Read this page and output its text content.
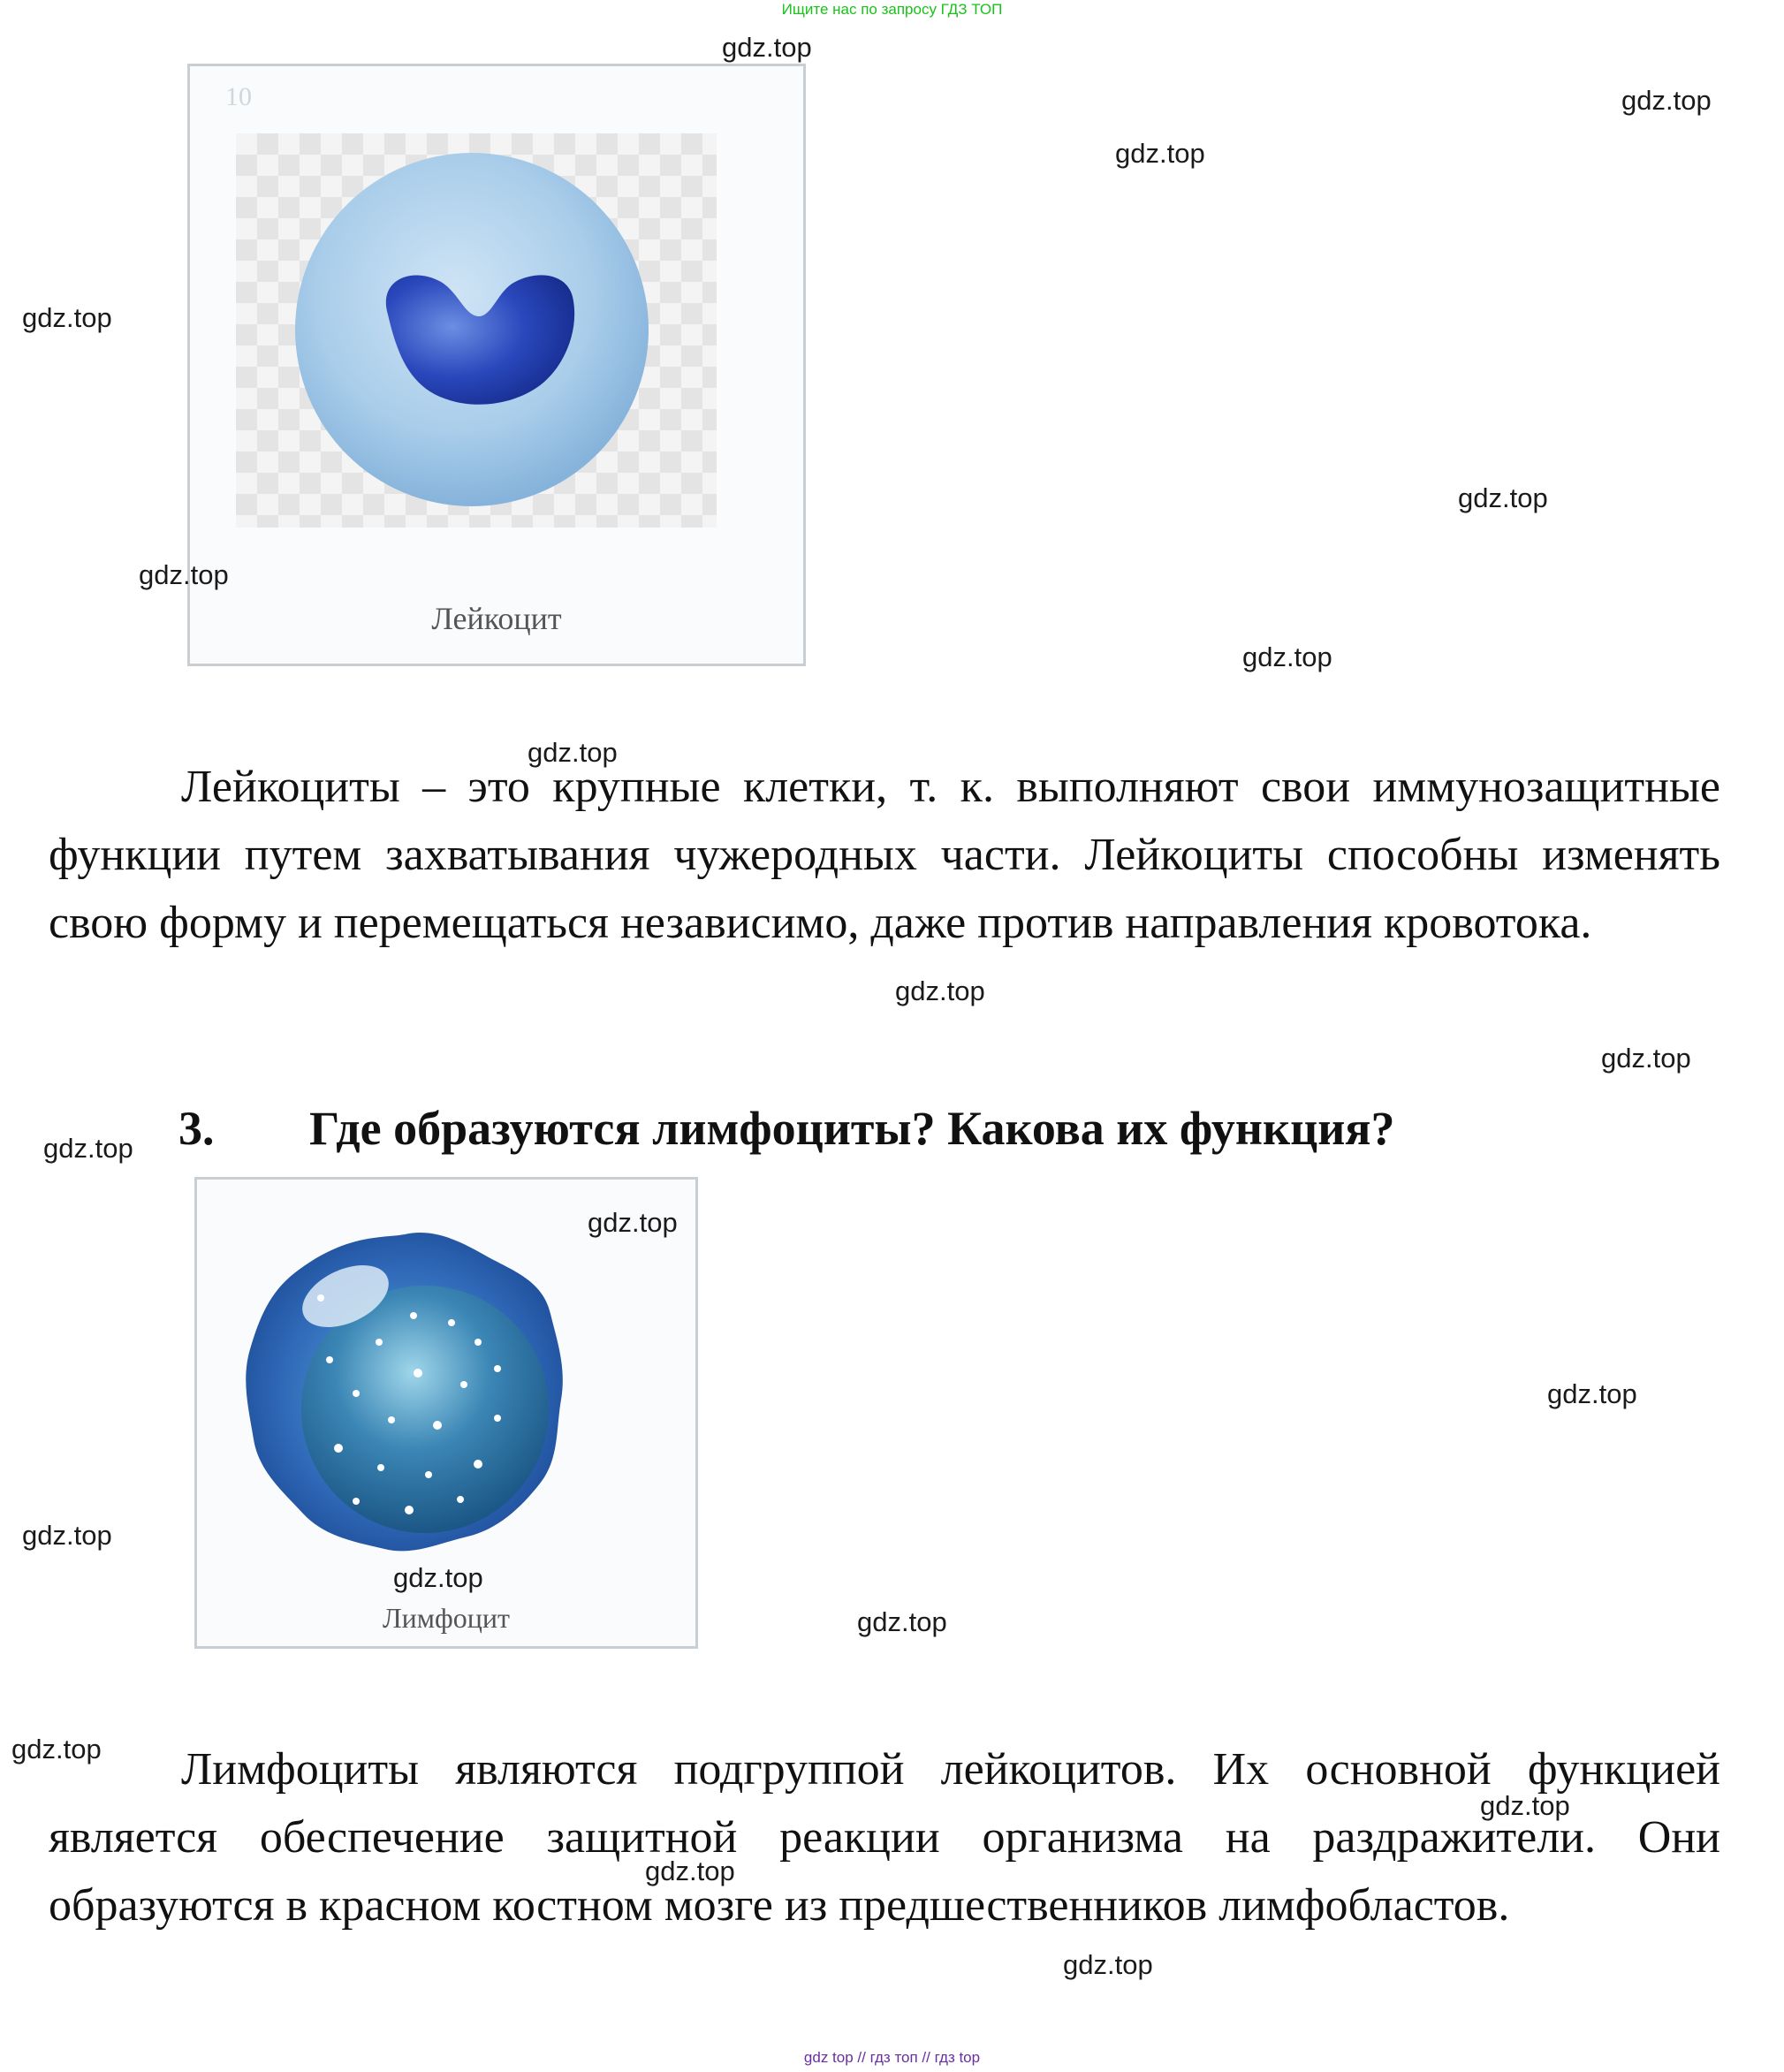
Ищите нас по запросу ГДЗ ТОП
10
Лейкоцит
Лейкоциты – это крупные клетки, т. к. выполняют свои иммунозащитные функции путем захватывания чужеродных части. Лейкоциты способны изменять свою форму и перемещаться независимо, даже против направления кровотока.
3. Где образуются лимфоциты? Какова их функция?
Лимфоцит
Лимфоциты являются подгруппой лейкоцитов. Их основной функцией является обеспечение защитной реакции организма на раздражители. Они образуются в красном костном мозге из предшественников лимфобластов.
gdz.top
gdz.top
gdz.top
gdz.top
gdz.top
gdz.top
gdz.top
gdz.top
gdz.top
gdz.top
gdz.top
gdz.top
gdz.top
gdz.top
gdz.top
gdz.top
gdz.top
gdz.top
gdz.top
gdz.top
gdz top // гдз топ // гдз top
